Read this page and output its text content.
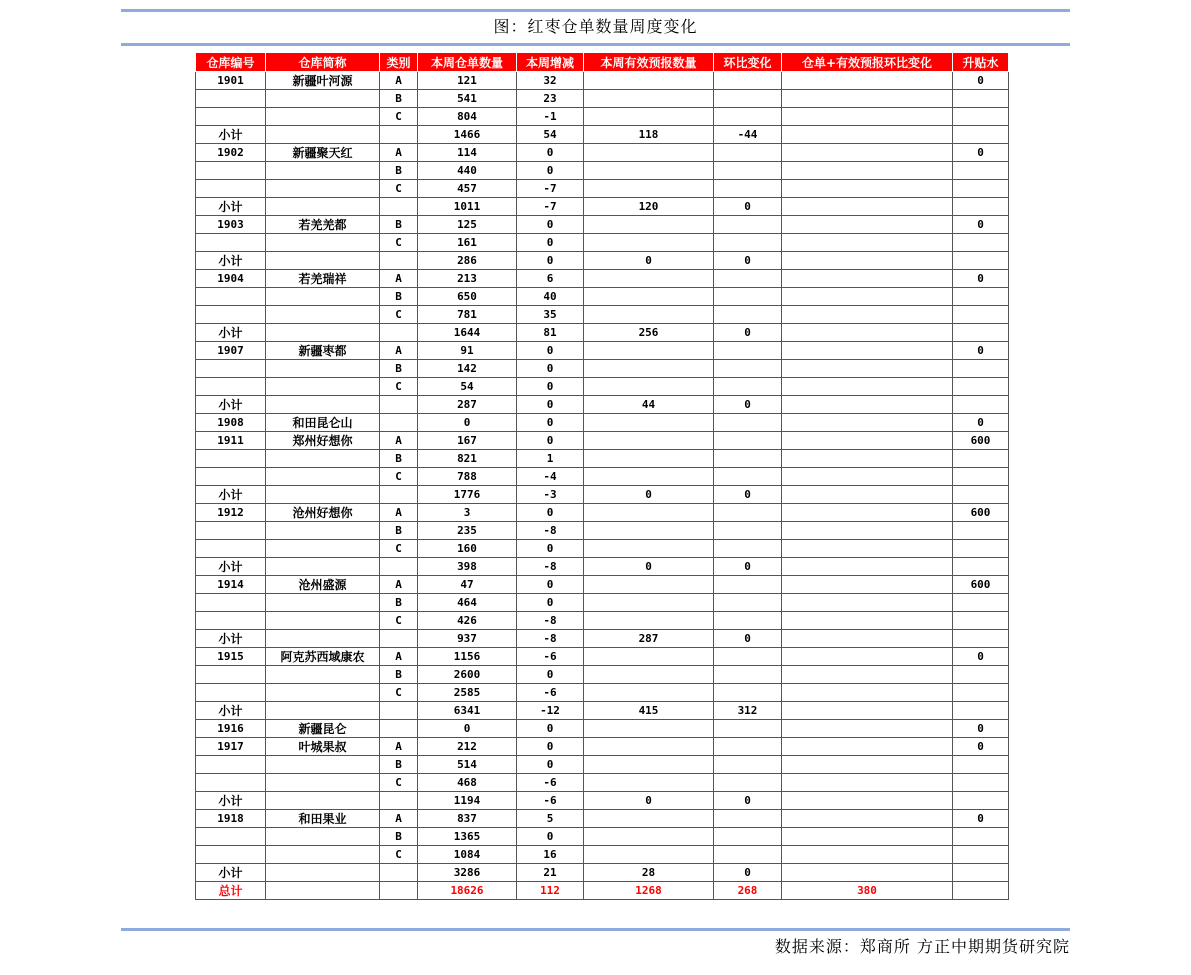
图：红枣仓单数量周度变化
仓库编号	仓库简称	类别	本周仓单数量	本周增减	本周有效预报数量	环比变化	仓单+有效预报环比变化	升贴水
1901	新疆叶河源	A	121	32				0
		B	541	23				
		C	804	-1				
小计			1466	54	118	-44		
1902	新疆聚天红	A	114	0				0
		B	440	0				
		C	457	-7				
小计			1011	-7	120	0		
1903	若羌羌都	B	125	0				0
		C	161	0				
小计			286	0	0	0		
1904	若羌瑞祥	A	213	6				0
		B	650	40				
		C	781	35				
小计			1644	81	256	0		
1907	新疆枣都	A	91	0				0
		B	142	0				
		C	54	0				
小计			287	0	44	0		
1908	和田昆仑山		0	0				0
1911	郑州好想你	A	167	0				600
		B	821	1				
		C	788	-4				
小计			1776	-3	0	0		
1912	沧州好想你	A	3	0				600
		B	235	-8				
		C	160	0				
小计			398	-8	0	0		
1914	沧州盛源	A	47	0				600
		B	464	0				
		C	426	-8				
小计			937	-8	287	0		
1915	阿克苏西域康农	A	1156	-6				0
		B	2600	0				
		C	2585	-6				
小计			6341	-12	415	312		
1916	新疆昆仑		0	0				0
1917	叶城果叔	A	212	0				0
		B	514	0				
		C	468	-6				
小计			1194	-6	0	0		
1918	和田果业	A	837	5				0
		B	1365	0				
		C	1084	16				
小计			3286	21	28	0		
总计			18626	112	1268	268	380	
数据来源：郑商所 方正中期期货研究院
